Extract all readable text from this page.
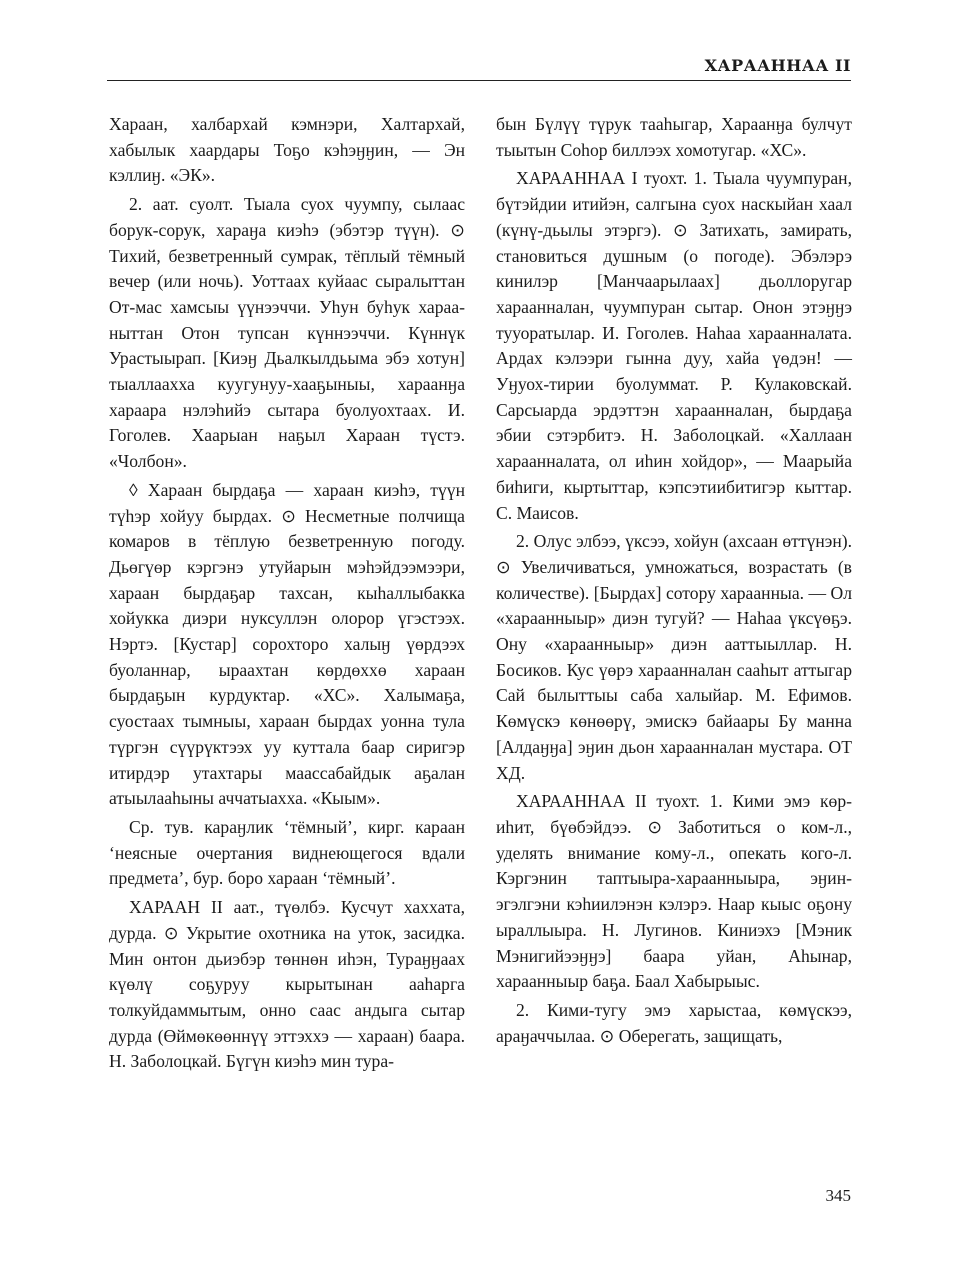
ХАРААННАА II

Хараан, халбархай кэмнэри, Халтархай, хабылык хаардары Тоҕо кэһэӈӈин, — Эн кэллиӈ. «ЭК».

2. аат. суолт. Тыала суох чуумпу, сылаас борук-сорук, хараӈа киэһэ (эбэтэр түүн). ⊙ Тихий, безветренный сумрак, тёплый тёмный вечер (или ночь). Уоттаах куйаас сыралыттан От-мас хамсыы үүнээччи. Уһун буһук хараа-ныттан Отон тупсан күннээччи. Күннүк Урастыырап. [Киэӈ Дьалкылдьыма эбэ хотун] тыаллаахха куугунуу-хааҕыныы, хараанӈа хараара нэлэһийэ сытара буолуохтаах. И. Гоголев. Хаарыан наҕыл Хараан түстэ. «Чолбон».

◊ Хараан бырдаҕа — хараан киэһэ, түүн түһэр хойуу бырдах. ⊙ Несметные полчища комаров в тёплую безветренную погоду. Дьөгүөр кэргэнэ утуйарын мэһэйдээмээри, хараан бырдаҕар тахсан, кыһаллыбакка хойукка диэри нуксуллэн олорор үгэстээх. Нэртэ. [Кустар] сорохторо халыӈ үөрдээх буоланнар, ыраахтан көрдөххө хараан бырдаҕын курдуктар. «ХС». Халымаҕа, суостаах тымныы, хараан бырдах уонна тула түргэн сүүрүктээх уу куттала баар сиригэр итирдэр утахтары маассабайдык аҕалан атыылааһыны аччатыахха. «Кыым».

Ср. тув. караӈлик ‘тёмный’, кирг. караан ‘неясные очертания виднеющегося вдали предмета’, бур. боро хараан ‘тёмный’.

ХАРААН II аат., түөлбэ. Кусчут хаххата, дурда. ⊙ Укрытие охотника на уток, засидка. Мин онтон дьиэбэр төннөн иһэн, Тураӈӈаах күөлү соҕуруу кырытынан ааһарга толкуйдаммытым, онно саас андыга сытар дурда (Өймөкөөннүү эттэххэ — хараан) баара. Н. Заболоцкай. Бүгүн киэһэ мин тура-

бын Бүлүү түрук тааһыгар, Хараанӈа булчут тыытын Соһор биллээх хомотугар. «ХС».

ХАРААННАА I туохт. 1. Тыала чуумпуран, бүтэйдии итийэн, салгына суох наскыйан хаал (күнү-дьылы этэргэ). ⊙ Затихать, замирать, становиться душным (о погоде). Эбэлэрэ кинилэр [Манчаарылаах] дьоллоругар хараанналан, чуумпуран сытар. Онон этэӈӈэ тууоратылар. И. Гоголев. Наһаа хараанналата. Ардах кэлээри гынна дуу, хайа үөдэн! — Уӈуох-тирии буолуммат. Р. Кулаковскай. Сарсыарда эрдэттэн хараанналан, бырдаҕа эбии сэтэрбитэ. Н. Заболоцкай. «Халлаан хараанналата, ол иһин хойдор», — Маарыйа биһиги, кыртыттар, кэпсэтиибитигэр кыттар. С. Маисов.

2. Олус элбээ, үксээ, хойун (ахсаан өттүнэн). ⊙ Увеличиваться, умножаться, возрастать (в количестве). [Бырдах] сотору хараанныа. — Ол «хараанныыр» диэн тугуй? — Наһаа үксүөҕэ. Ону «хараанныыр» диэн ааттыыллар. Н. Босиков. Кус үөрэ хараанналан сааһыт аттыгар Сай былыттыы саба халыйар. М. Ефимов. Көмүскэ көнөөрү, эмискэ байаары Бу манна [Алдаӈӈа] эӈин дьон хараанналан мустара. ОТ ХД.

ХАРААННАА II туохт. 1. Кими эмэ көр-иһит, бүөбэйдээ. ⊙ Заботиться о ком-л., уделять внимание кому-л., опекать кого-л. Кэргэнин таптыыра-хараанныыра, эӈин-эгэлгэни кэһиилэнэн кэлэрэ. Наар кыыс оҕону ыраллыыра. Н. Лугинов. Киниэхэ [Мэник Мэнигийээӈӈэ] баара уйан, Аһынар, хараанныыр баҕа. Баал Хабырыыс.

2. Кими-тугу эмэ харыстаа, көмүскээ, араӈаччылаа. ⊙ Оберегать, защищать,

345
